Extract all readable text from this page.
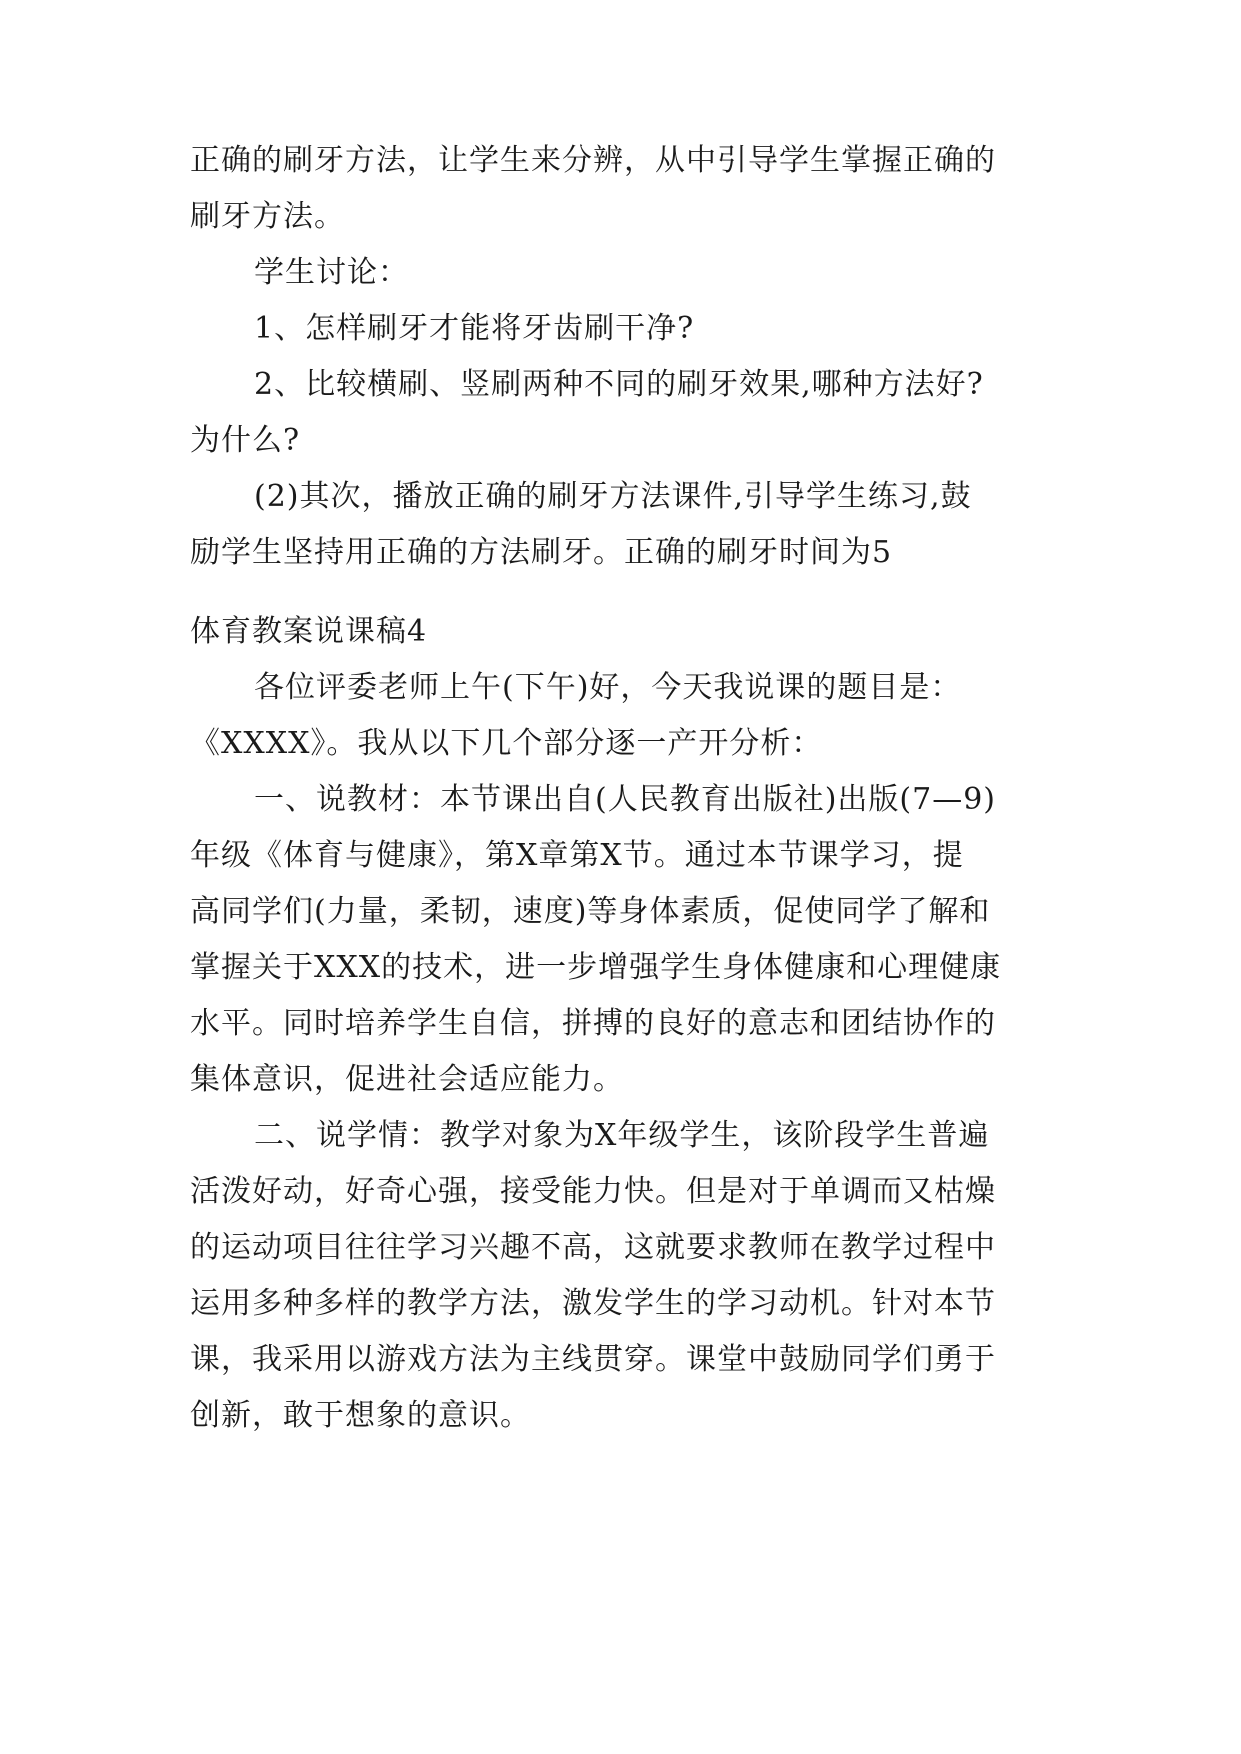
正确的刷牙方法，让学生来分辨，从中引导学生掌握正确的
刷牙方法。
学生讨论：
1、怎样刷牙才能将牙齿刷干净?
2、比较横刷、竖刷两种不同的刷牙效果,哪种方法好?
为什么?
(2)其次，播放正确的刷牙方法课件,引导学生练习,鼓
励学生坚持用正确的方法刷牙。正确的刷牙时间为5
体育教案说课稿4
各位评委老师上午(下午)好，今天我说课的题目是：
《XXXX》。我从以下几个部分逐一产开分析：
一、说教材：本节课出自(人民教育出版社)出版(7—9)
年级《体育与健康》，第X章第X节。通过本节课学习，提
高同学们(力量，柔韧，速度)等身体素质，促使同学了解和
掌握关于XXX的技术，进一步增强学生身体健康和心理健康
水平。同时培养学生自信，拼搏的良好的意志和团结协作的
集体意识，促进社会适应能力。
二、说学情：教学对象为X年级学生，该阶段学生普遍
活泼好动，好奇心强，接受能力快。但是对于单调而又枯燥
的运动项目往往学习兴趣不高，这就要求教师在教学过程中
运用多种多样的教学方法，激发学生的学习动机。针对本节
课，我采用以游戏方法为主线贯穿。课堂中鼓励同学们勇于
创新，敢于想象的意识。
